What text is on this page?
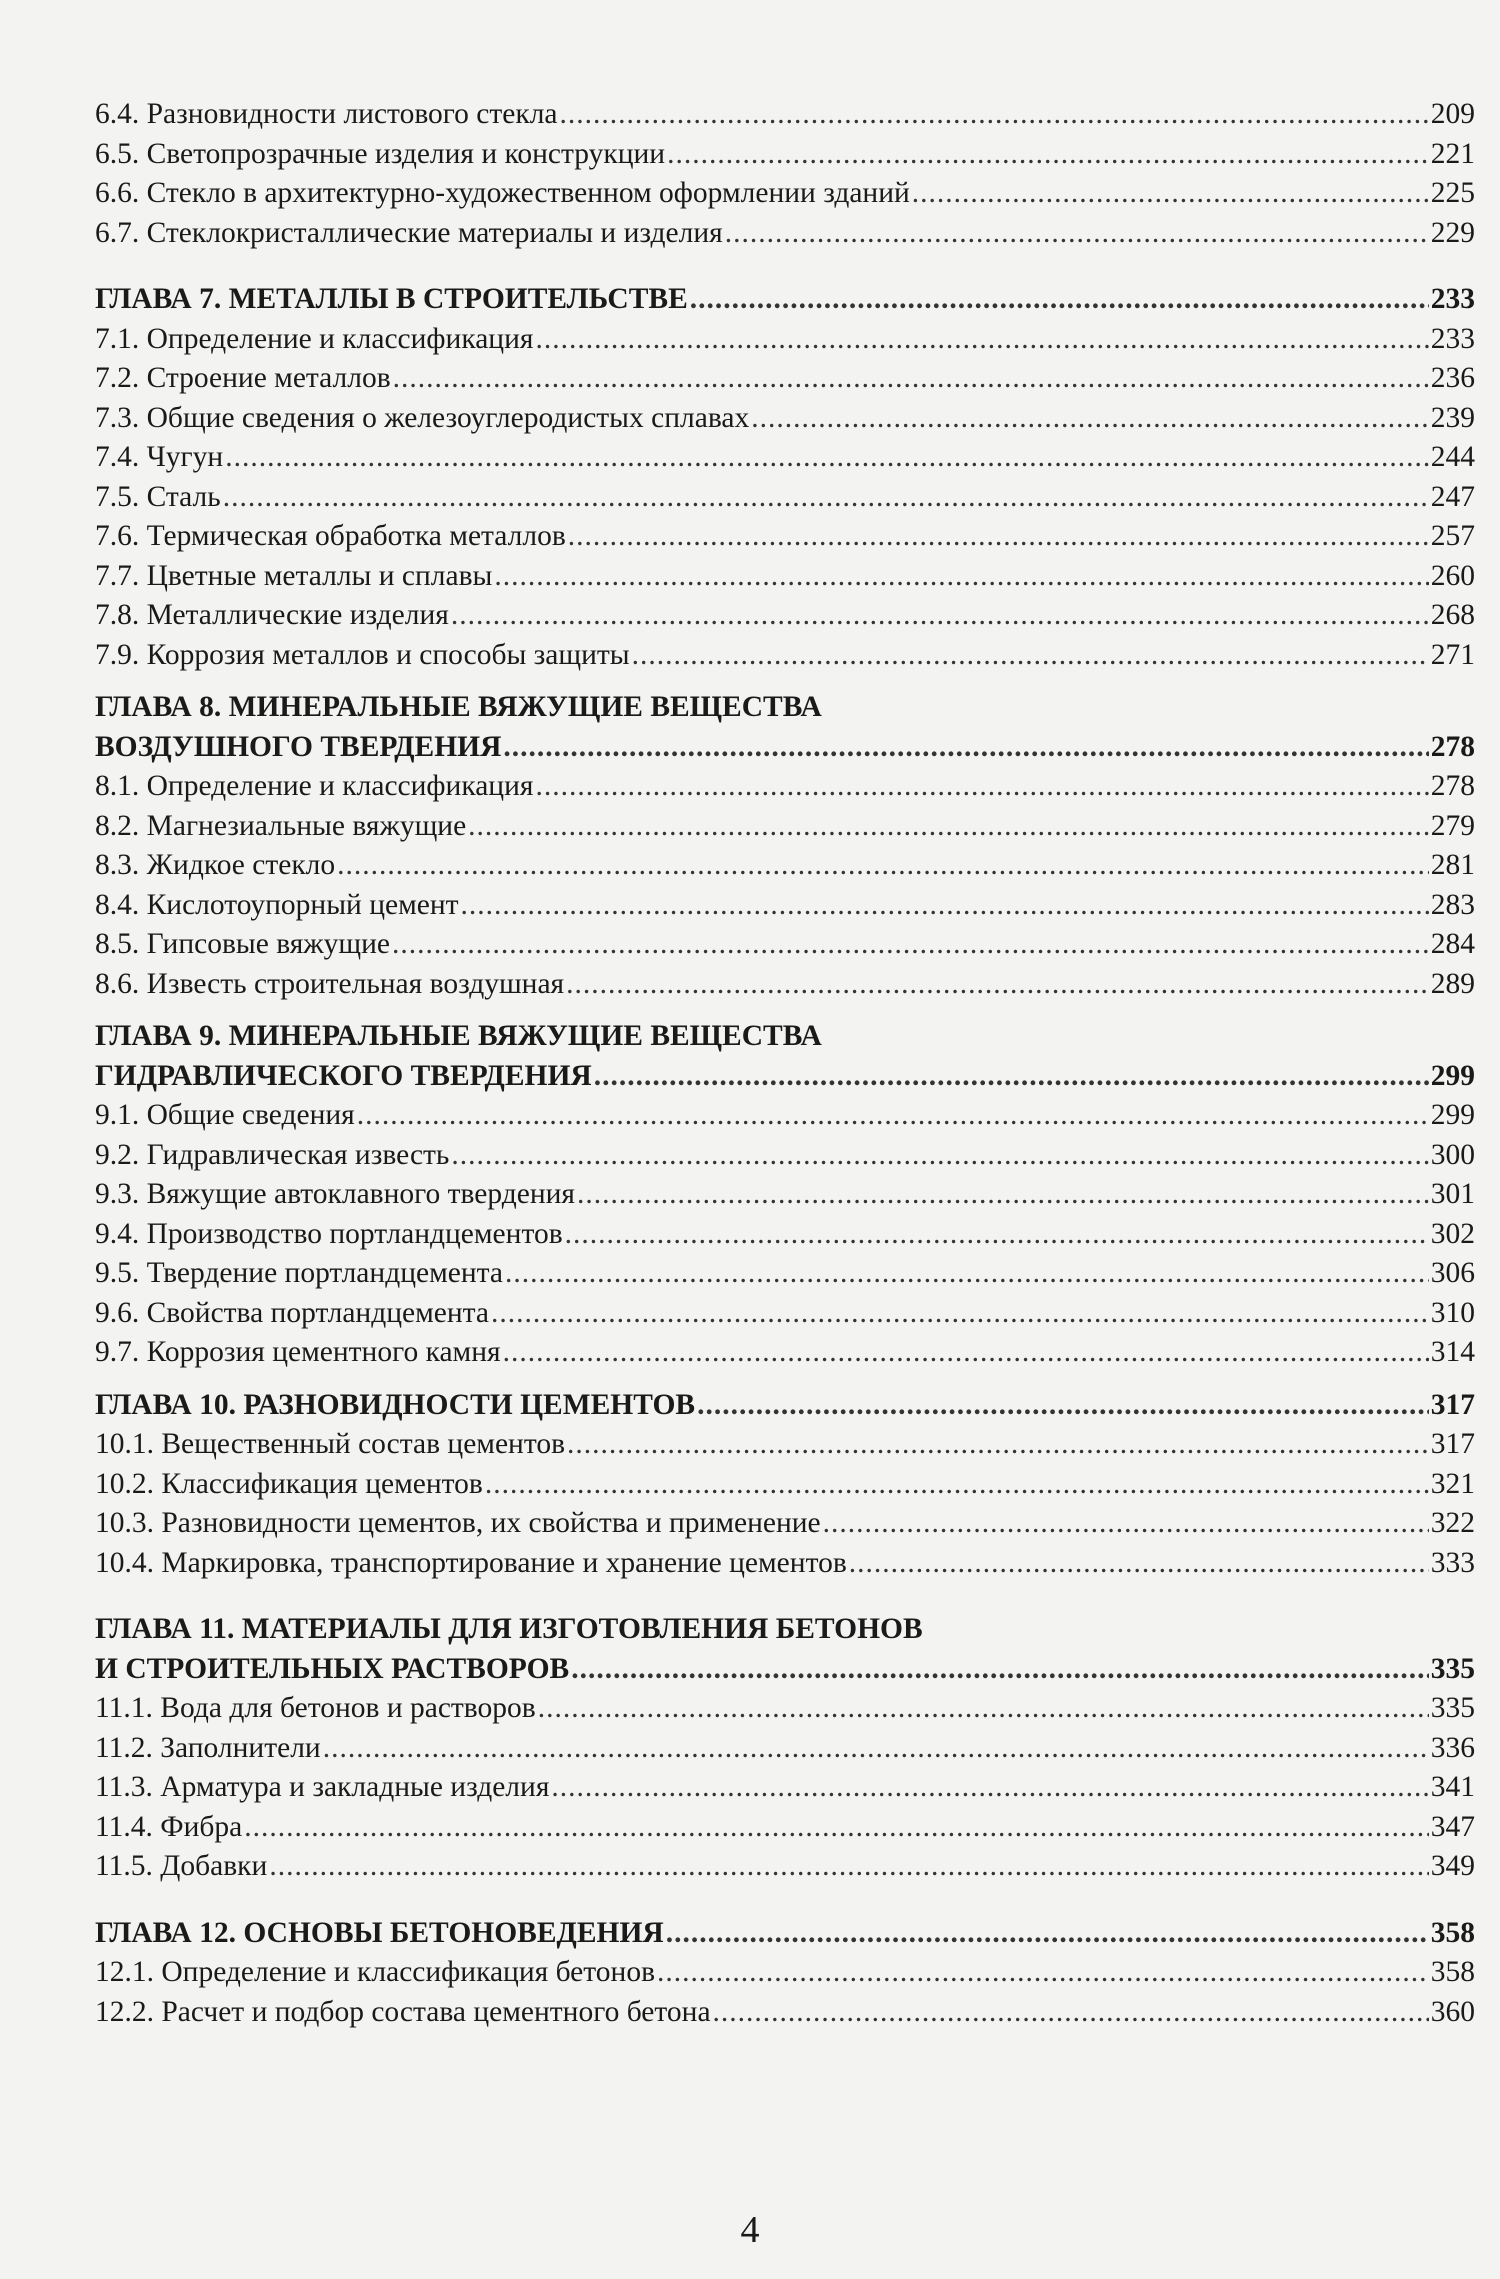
6.4. Разновидности листового стекла .....	209
6.5. Светопрозрачные изделия и конструкции .....	221
6.6. Стекло в архитектурно-художественном оформлении зданий .....	225
6.7. Стеклокристаллические материалы и изделия .....	229
ГЛАВА 7. МЕТАЛЛЫ В СТРОИТЕЛЬСТВЕ .....	233
7.1. Определение и классификация .....	233
7.2. Строение металлов .....	236
7.3. Общие сведения о железоуглеродистых сплавах .....	239
7.4. Чугун .....	244
7.5. Сталь .....	247
7.6. Термическая обработка металлов .....	257
7.7. Цветные металлы и сплавы .....	260
7.8. Металлические изделия .....	268
7.9. Коррозия металлов и способы защиты .....	271
ГЛАВА 8. МИНЕРАЛЬНЫЕ ВЯЖУЩИЕ ВЕЩЕСТВА
ВОЗДУШНОГО ТВЕРДЕНИЯ .....	278
8.1. Определение и классификация .....	278
8.2. Магнезиальные вяжущие .....	279
8.3. Жидкое стекло .....	281
8.4. Кислотоупорный цемент .....	283
8.5. Гипсовые вяжущие .....	284
8.6. Известь строительная воздушная .....	289
ГЛАВА 9. МИНЕРАЛЬНЫЕ ВЯЖУЩИЕ ВЕЩЕСТВА
ГИДРАВЛИЧЕСКОГО ТВЕРДЕНИЯ .....	299
9.1. Общие сведения .....	299
9.2. Гидравлическая известь .....	300
9.3. Вяжущие автоклавного твердения .....	301
9.4. Производство портландцементов .....	302
9.5. Твердение портландцемента .....	306
9.6. Свойства портландцемента .....	310
9.7. Коррозия цементного камня .....	314
ГЛАВА 10. РАЗНОВИДНОСТИ ЦЕМЕНТОВ .....	317
10.1. Вещественный состав цементов .....	317
10.2. Классификация цементов .....	321
10.3. Разновидности цементов, их свойства и применение .....	322
10.4. Маркировка, транспортирование и хранение цементов .....	333
ГЛАВА 11. МАТЕРИАЛЫ ДЛЯ ИЗГОТОВЛЕНИЯ БЕТОНОВ
И СТРОИТЕЛЬНЫХ РАСТВОРОВ .....	335
11.1. Вода для бетонов и растворов .....	335
11.2. Заполнители .....	336
11.3. Арматура и закладные изделия .....	341
11.4. Фибра .....	347
11.5. Добавки .....	349
ГЛАВА 12. ОСНОВЫ БЕТОНОВЕДЕНИЯ .....	358
12.1. Определение и классификация бетонов .....	358
12.2. Расчет и подбор состава цементного бетона .....	360
4
